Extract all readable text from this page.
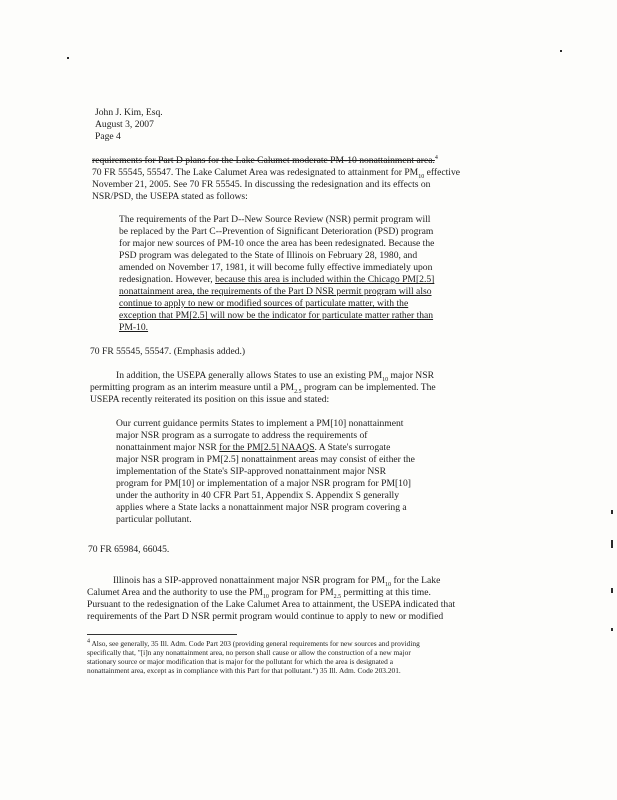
John J. Kim, Esq.
August 3, 2007
Page 4
requirements for Part D plans for the Lake Calumet moderate PM-10 nonattainment area.$^4$
70 FR 55545, 55547. The Lake Calumet Area was redesignated to attainment for $PM_{10}$ effective
November 21, 2005. See 70 FR 55545. In discussing the redesignation and its effects on
NSR/PSD, the USEPA stated as follows:
The requirements of the Part D--New Source Review (NSR) permit program will
be replaced by the Part C--Prevention of Significant Deterioration (PSD) program
for major new sources of PM-10 once the area has been redesignated. Because the
PSD program was delegated to the State of Illinois on February 28, 1980, and
amended on November 17, 1981, it will become fully effective immediately upon
redesignation. However, because this area is included within the Chicago PM[2.5]
nonattainment area, the requirements of the Part D NSR permit program will also
continue to apply to new or modified sources of particulate matter, with the
exception that PM[2.5] will now be the indicator for particulate matter rather than
PM-10.
70 FR 55545, 55547. (Emphasis added.)
In addition, the USEPA generally allows States to use an existing $PM_{10}$ major NSR
permitting program as an interim measure until a $PM_{2.5}$ program can be implemented. The
USEPA recently reiterated its position on this issue and stated:
Our current guidance permits States to implement a PM[10] nonattainment
major NSR program as a surrogate to address the requirements of
nonattainment major NSR for the PM[2.5] NAAQS. A State's surrogate
major NSR program in PM[2.5] nonattainment areas may consist of either the
implementation of the State's SIP-approved nonattainment major NSR
program for PM[10] or implementation of a major NSR program for PM[10]
under the authority in 40 CFR Part 51, Appendix S. Appendix S generally
applies where a State lacks a nonattainment major NSR program covering a
particular pollutant.
70 FR 65984, 66045.
Illinois has a SIP-approved nonattainment major NSR program for $PM_{10}$ for the Lake
Calumet Area and the authority to use the $PM_{10}$ program for $PM_{2.5}$ permitting at this time.
Pursuant to the redesignation of the Lake Calumet Area to attainment, the USEPA indicated that
requirements of the Part D NSR permit program would continue to apply to new or modified
$^4$ Also, see generally, 35 Ill. Adm. Code Part 203 (providing general requirements for new sources and providing
specifically that, "[i]n any nonattainment area, no person shall cause or allow the construction of a new major
stationary source or major modification that is major for the pollutant for which the area is designated a
nonattainment area, except as in compliance with this Part for that pollutant.") 35 Ill. Adm. Code 203.201.
